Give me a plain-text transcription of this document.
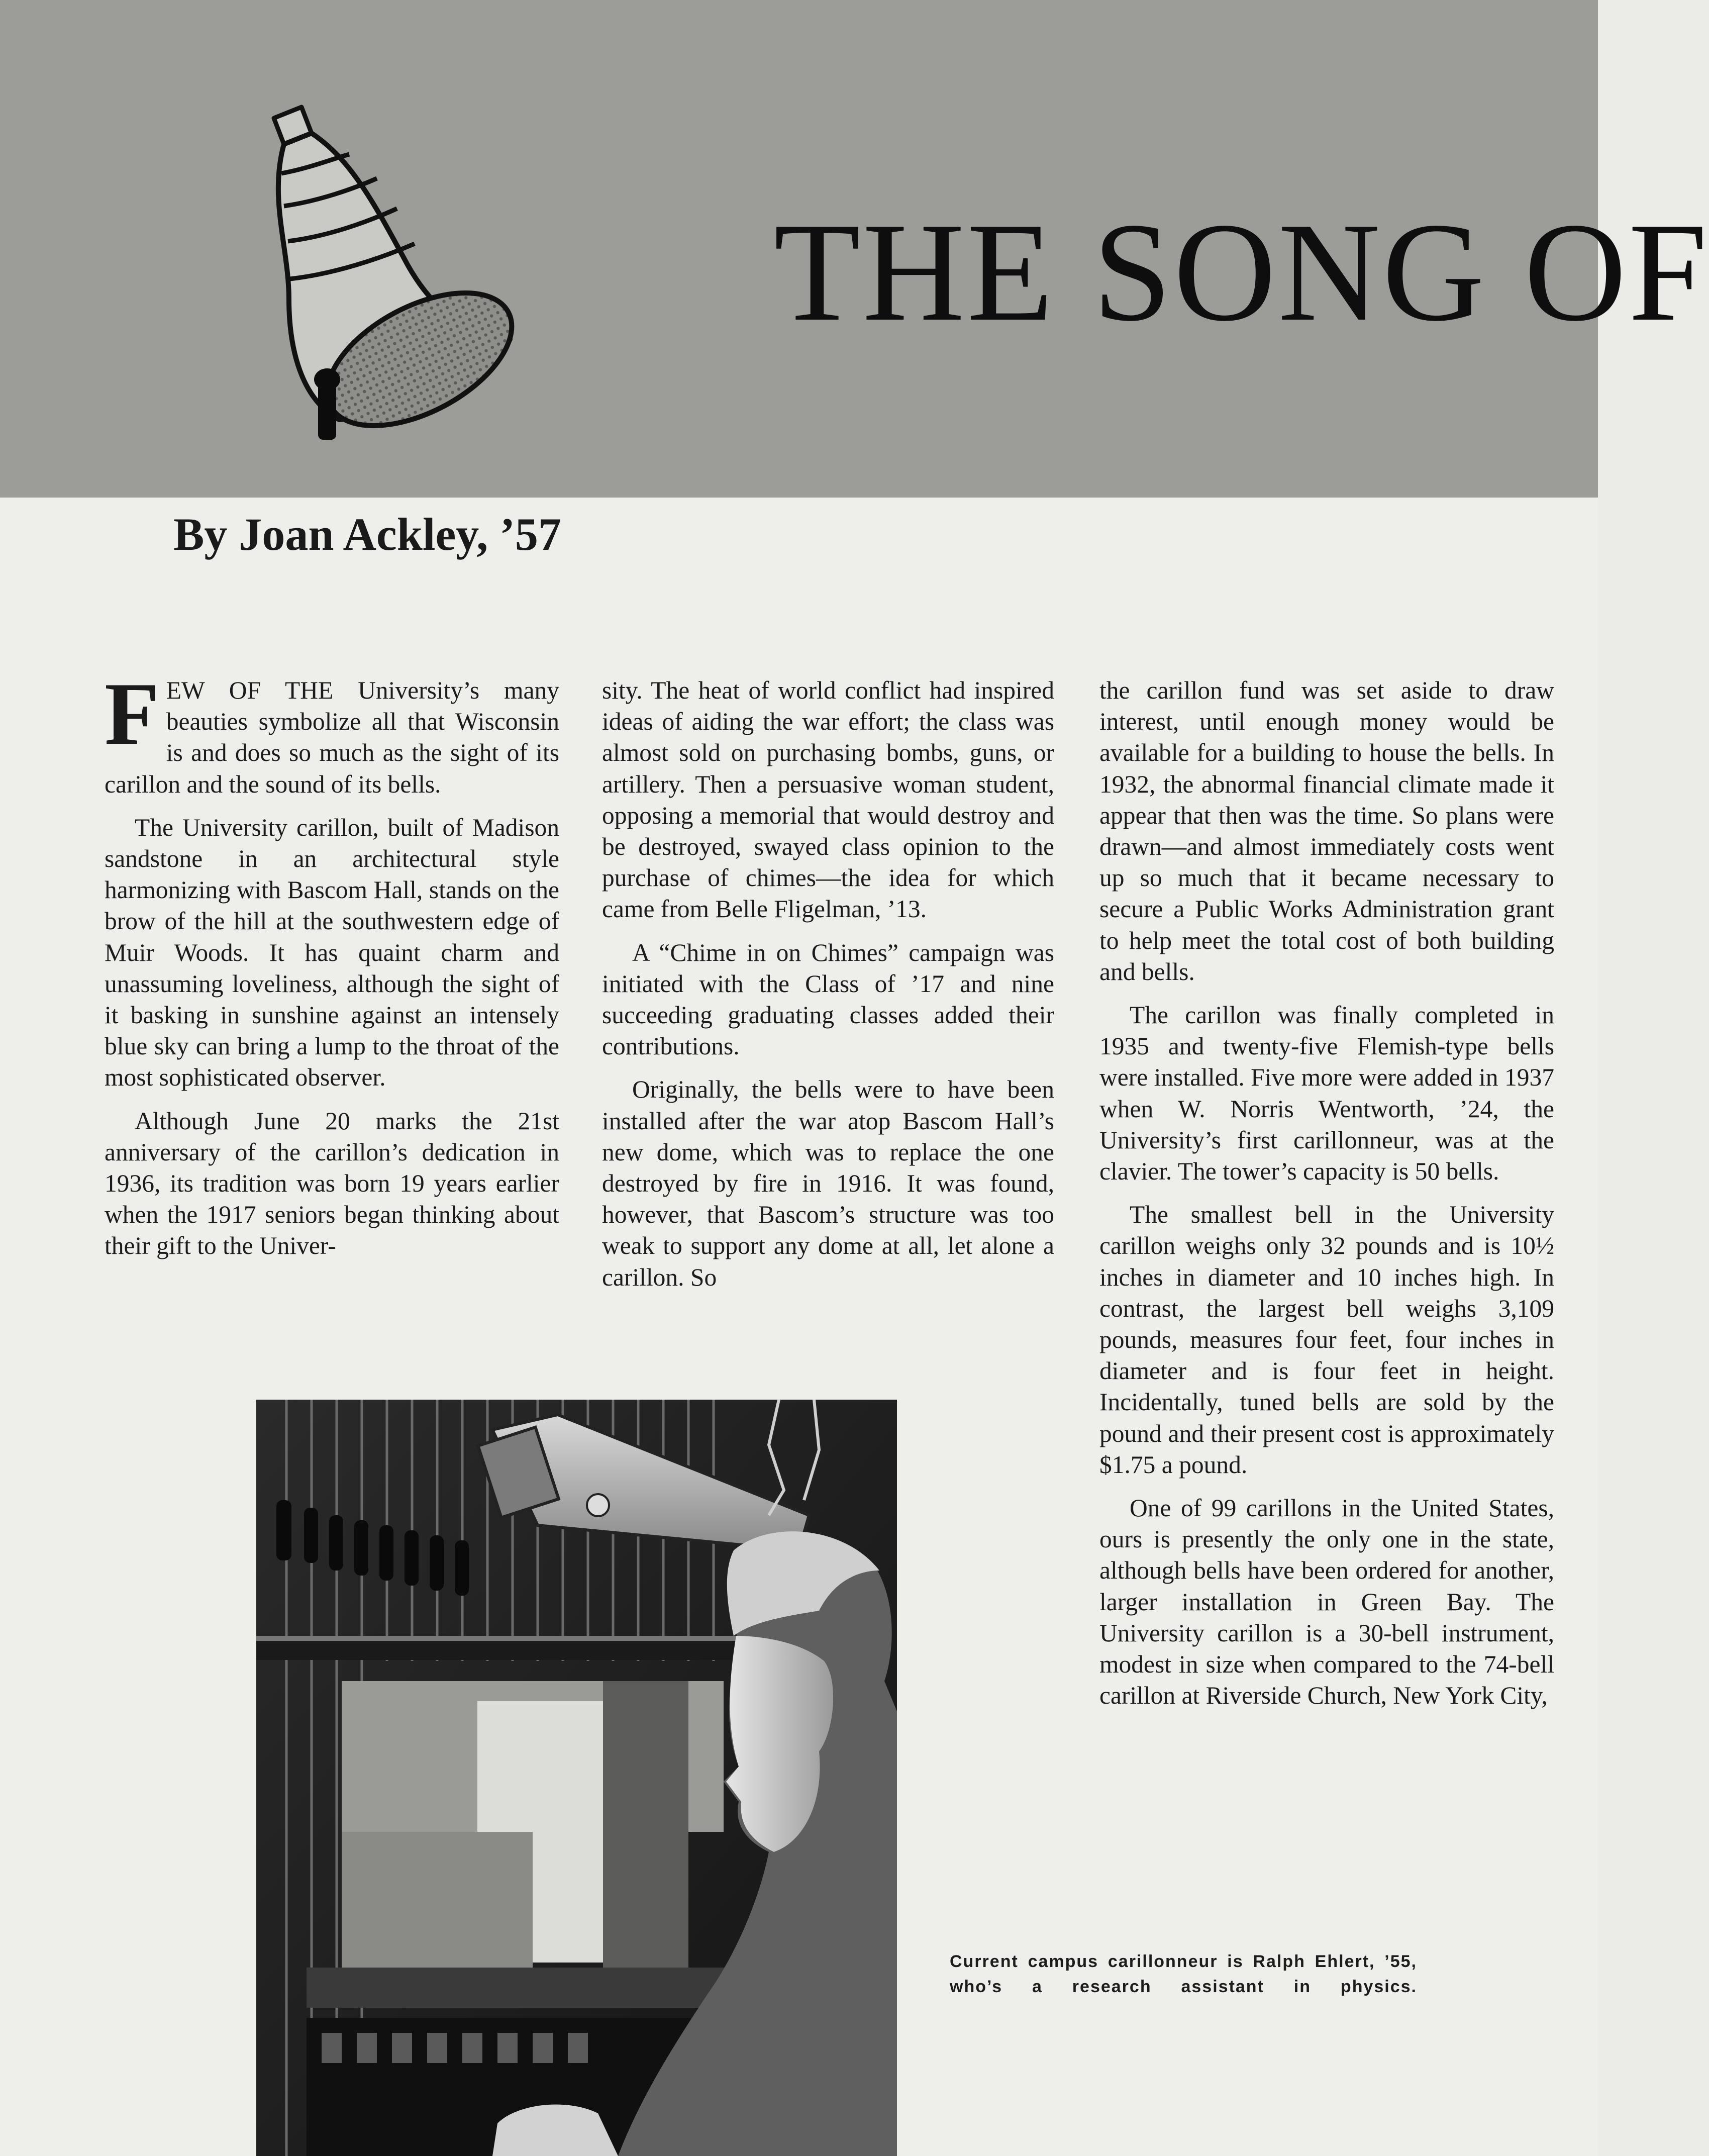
THE SONG OF
By Joan Ackley, ’57

FEW OF THE University’s many beauties symbolize all that Wisconsin is and does so much as the sight of its carillon and the sound of its bells.

The University carillon, built of Madison sandstone in an architectural style harmonizing with Bascom Hall, stands on the brow of the hill at the southwestern edge of Muir Woods. It has quaint charm and unassuming loveliness, although the sight of it basking in sunshine against an intensely blue sky can bring a lump to the throat of the most sophisticated observer.

Although June 20 marks the 21st anniversary of the carillon’s dedication in 1936, its tradition was born 19 years earlier when the 1917 seniors began thinking about their gift to the Univer-

sity. The heat of world conflict had inspired ideas of aiding the war effort; the class was almost sold on purchasing bombs, guns, or artillery. Then a persuasive woman student, opposing a memorial that would destroy and be destroyed, swayed class opinion to the purchase of chimes—the idea for which came from Belle Fligelman, ’13.

A “Chime in on Chimes” campaign was initiated with the Class of ’17 and nine succeeding graduating classes added their contributions.

Originally, the bells were to have been installed after the war atop Bascom Hall’s new dome, which was to replace the one destroyed by fire in 1916. It was found, however, that Bascom’s structure was too weak to support any dome at all, let alone a carillon. So

the carillon fund was set aside to draw interest, until enough money would be available for a building to house the bells. In 1932, the abnormal financial climate made it appear that then was the time. So plans were drawn—and almost immediately costs went up so much that it became necessary to secure a Public Works Administration grant to help meet the total cost of both building and bells.

The carillon was finally completed in 1935 and twenty-five Flemish-type bells were installed. Five more were added in 1937 when W. Norris Wentworth, ’24, the University’s first carillonneur, was at the clavier. The tower’s capacity is 50 bells.

The smallest bell in the University carillon weighs only 32 pounds and is 10½ inches in diameter and 10 inches high. In contrast, the largest bell weighs 3,109 pounds, measures four feet, four inches in diameter and is four feet in height. Incidentally, tuned bells are sold by the pound and their present cost is approximately $1.75 a pound.

One of 99 carillons in the United States, ours is presently the only one in the state, although bells have been ordered for another, larger installation in Green Bay. The University carillon is a 30-bell instrument, modest in size when compared to the 74-bell carillon at Riverside Church, New York City,

Current campus carillonneur is Ralph Ehlert, ’55, who’s a research assistant in physics.
